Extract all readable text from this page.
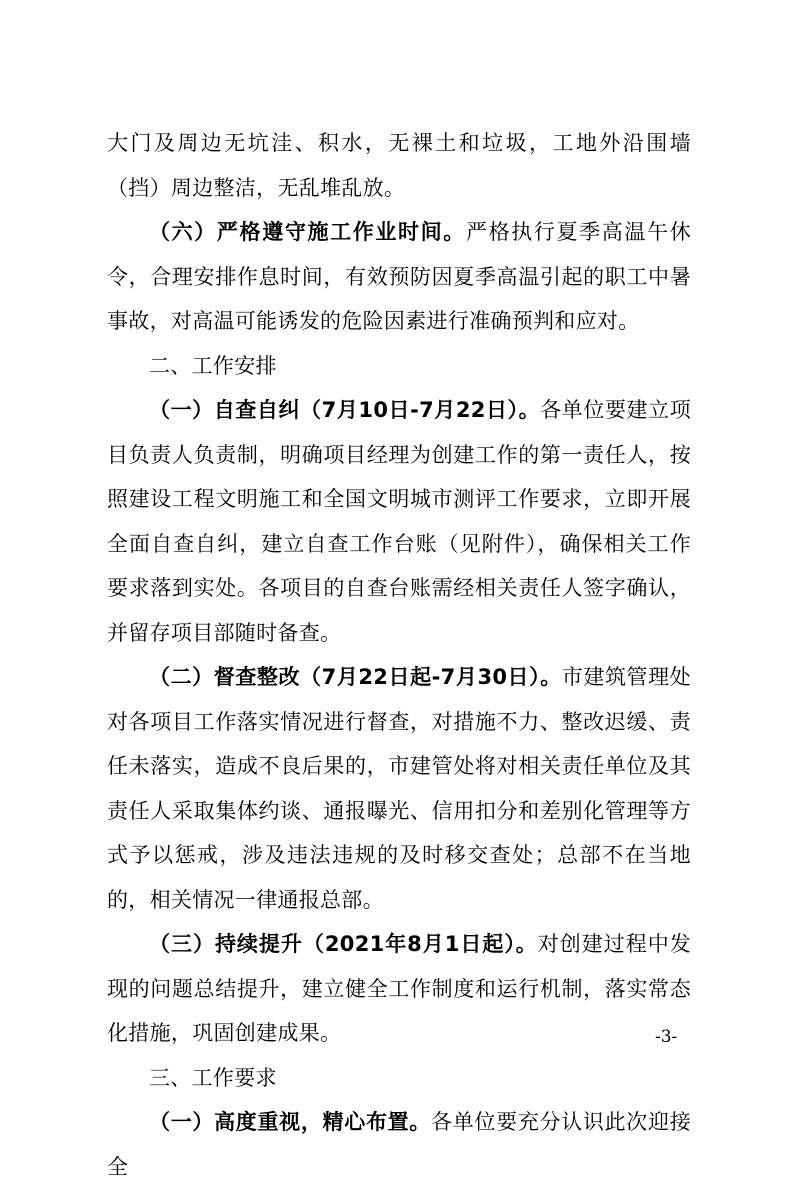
大门及周边无坑洼、积水，无裸土和垃圾，工地外沿围墙（挡）周边整洁，无乱堆乱放。

（六）严格遵守施工作业时间。严格执行夏季高温午休令，合理安排作息时间，有效预防因夏季高温引起的职工中暑事故，对高温可能诱发的危险因素进行准确预判和应对。

二、工作安排

（一）自查自纠（7月10日-7月22日）。各单位要建立项目负责人负责制，明确项目经理为创建工作的第一责任人，按照建设工程文明施工和全国文明城市测评工作要求，立即开展全面自查自纠，建立自查工作台账（见附件），确保相关工作要求落到实处。各项目的自查台账需经相关责任人签字确认，并留存项目部随时备查。

（二）督查整改（7月22日起-7月30日）。市建筑管理处对各项目工作落实情况进行督查，对措施不力、整改迟缓、责任未落实，造成不良后果的，市建管处将对相关责任单位及其责任人采取集体约谈、通报曝光、信用扣分和差别化管理等方式予以惩戒，涉及违法违规的及时移交查处；总部不在当地的，相关情况一律通报总部。

（三）持续提升（2021年8月1日起）。对创建过程中发现的问题总结提升，建立健全工作制度和运行机制，落实常态化措施，巩固创建成果。

三、工作要求

（一）高度重视，精心布置。各单位要充分认识此次迎接全

-3-
